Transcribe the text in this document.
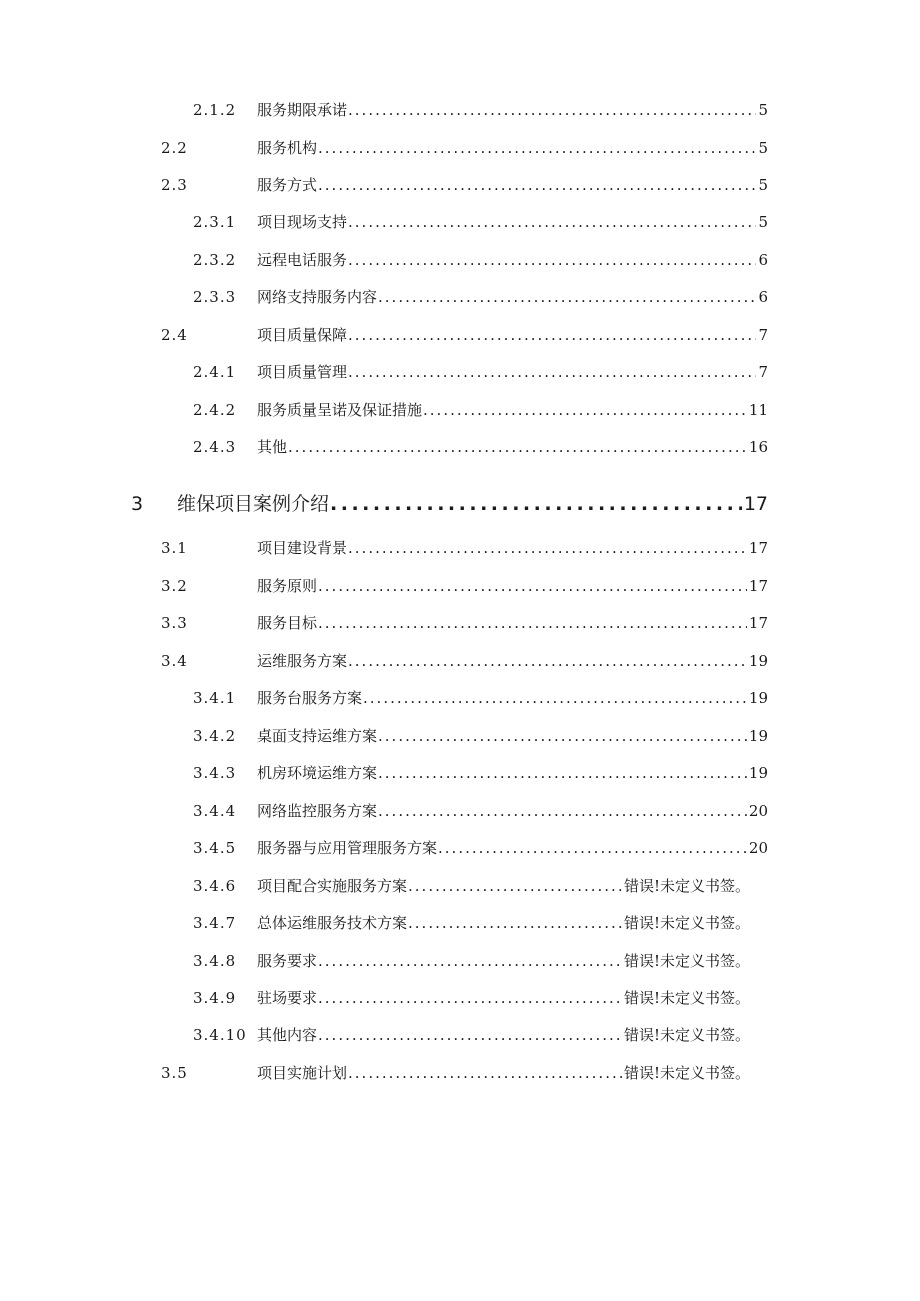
2.1.2 服务期限承诺 .....	5
2.2	服务机构 .....	5
2.3	服务方式 .....	5
2.3.1 项目现场支持 .....	5
2.3.2 远程电话服务 .....	6
2.3.3 网络支持服务内容 .....	6
2.4	项目质量保障 .....	7
2.4.1 项目质量管理 .....	7
2.4.2 服务质量呈诺及保证措施 .....	11
2.4.3 其他 .....	16
3 维保项目案例介绍 .....	17
3.1	项目建设背景 .....	17
3.2	服务原则 .....	17
3.3	服务目标 .....	17
3.4	运维服务方案 .....	19
3.4.1 服务台服务方案 .....	19
3.4.2 桌面支持运维方案 .....	19
3.4.3 机房环境运维方案 .....	19
3.4.4 网络监控服务方案 .....	20
3.4.5 服务器与应用管理服务方案 .....	20
3.4.6 项目配合实施服务方案 .....	错误!未定义书签。
3.4.7 总体运维服务技术方案 .....	错误!未定义书签。
3.4.8 服务要求 .....	错误!未定义书签。
3.4.9 驻场要求 .....	错误!未定义书签。
3.4.10 其他内容 .....	错误!未定义书签。
3.5	项目实施计划 .....	错误!未定义书签。
